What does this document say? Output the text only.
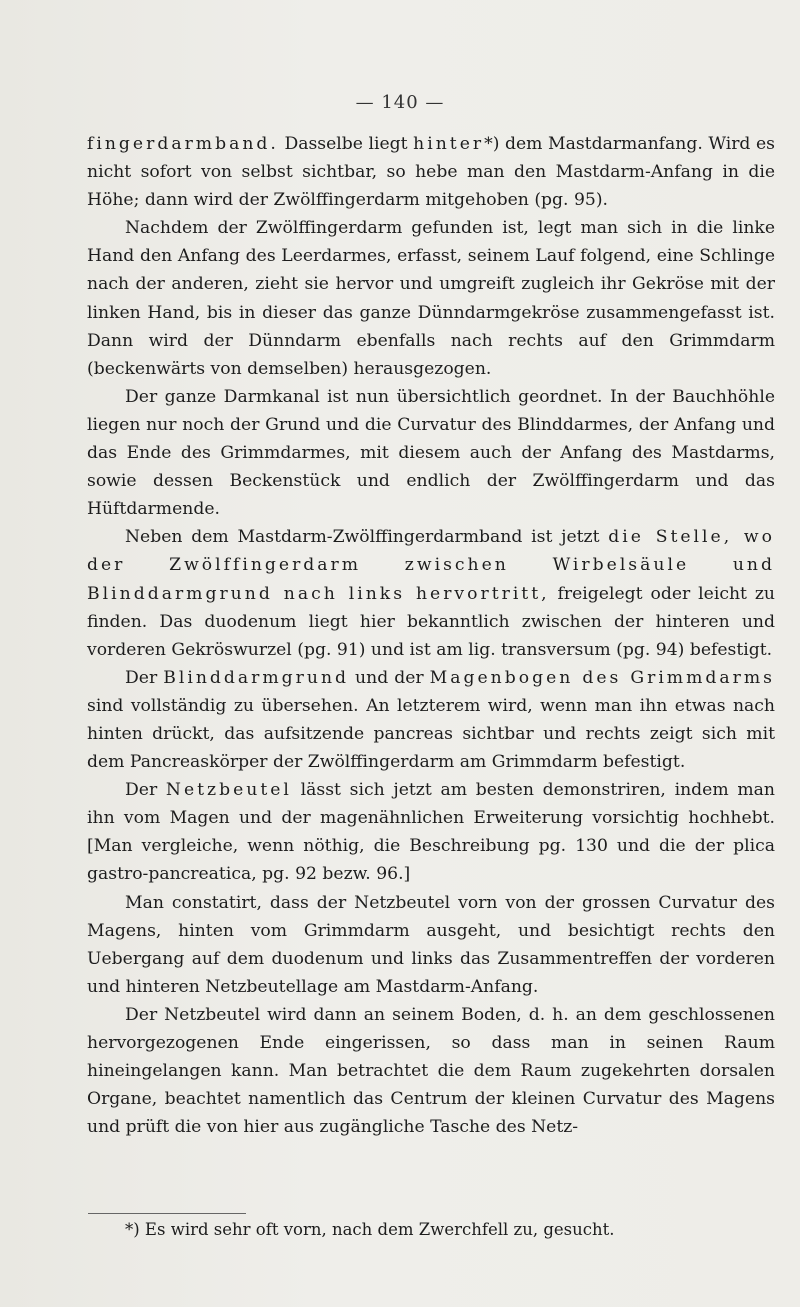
— 140 —

fingerdarmband. Dasselbe liegt hinter*) dem Mastdarmanfang. Wird es nicht sofort von selbst sichtbar, so hebe man den Mastdarm-Anfang in die Höhe; dann wird der Zwölffingerdarm mitgehoben (pg. 95).

Nachdem der Zwölffingerdarm gefunden ist, legt man sich in die linke Hand den Anfang des Leerdarmes, erfasst, seinem Lauf folgend, eine Schlinge nach der anderen, zieht sie hervor und umgreift zugleich ihr Gekröse mit der linken Hand, bis in dieser das ganze Dünndarmgekröse zusammengefasst ist. Dann wird der Dünndarm ebenfalls nach rechts auf den Grimmdarm (beckenwärts von demselben) herausgezogen.

Der ganze Darmkanal ist nun übersichtlich geordnet. In der Bauchhöhle liegen nur noch der Grund und die Curvatur des Blinddarmes, der Anfang und das Ende des Grimmdarmes, mit diesem auch der Anfang des Mastdarms, sowie dessen Beckenstück und endlich der Zwölffingerdarm und das Hüftdarmende.

Neben dem Mastdarm-Zwölffingerdarmband ist jetzt die Stelle, wo der Zwölffingerdarm zwischen Wirbelsäule und Blinddarmgrund nach links hervortritt, freigelegt oder leicht zu finden. Das duodenum liegt hier bekanntlich zwischen der hinteren und vorderen Gekröswurzel (pg. 91) und ist am lig. transversum (pg. 94) befestigt.

Der Blinddarmgrund und der Magenbogen des Grimmdarms sind vollständig zu übersehen. An letzterem wird, wenn man ihn etwas nach hinten drückt, das aufsitzende pancreas sichtbar und rechts zeigt sich mit dem Pancreaskörper der Zwölffingerdarm am Grimmdarm befestigt.

Der Netzbeutel lässt sich jetzt am besten demonstriren, indem man ihn vom Magen und der magenähnlichen Erweiterung vorsichtig hochhebt. [Man vergleiche, wenn nöthig, die Beschreibung pg. 130 und die der plica gastro-pancreatica, pg. 92 bezw. 96.]

Man constatirt, dass der Netzbeutel vorn von der grossen Curvatur des Magens, hinten vom Grimmdarm ausgeht, und besichtigt rechts den Uebergang auf dem duodenum und links das Zusammentreffen der vorderen und hinteren Netzbeutellage am Mastdarm-Anfang.

Der Netzbeutel wird dann an seinem Boden, d. h. an dem geschlossenen hervorgezogenen Ende eingerissen, so dass man in seinen Raum hineingelangen kann. Man betrachtet die dem Raum zugekehrten dorsalen Organe, beachtet namentlich das Centrum der kleinen Curvatur des Magens und prüft die von hier aus zugängliche Tasche des Netz-

*) Es wird sehr oft vorn, nach dem Zwerchfell zu, gesucht.
